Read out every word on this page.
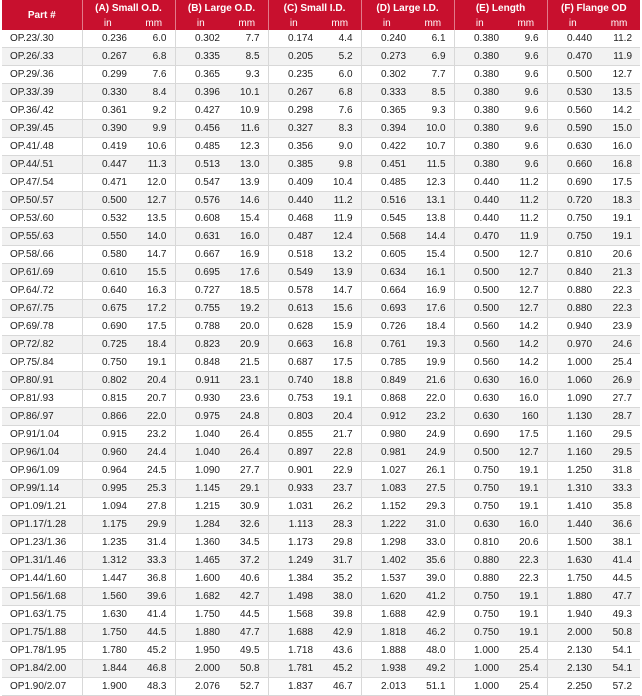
Part #	(A) Small O.D.		(B) Large O.D.		(C) Small I.D.		(D) Large I.D.		(E) Length		(F) Flange OD	
	in	mm	in	mm	in	mm	in	mm	in	mm	in	mm
OP.23/.30	0.236	6.0	0.302	7.7	0.174	4.4	0.240	6.1	0.380	9.6	0.440	11.2
OP.26/.33	0.267	6.8	0.335	8.5	0.205	5.2	0.273	6.9	0.380	9.6	0.470	11.9
OP.29/.36	0.299	7.6	0.365	9.3	0.235	6.0	0.302	7.7	0.380	9.6	0.500	12.7
OP.33/.39	0.330	8.4	0.396	10.1	0.267	6.8	0.333	8.5	0.380	9.6	0.530	13.5
OP.36/.42	0.361	9.2	0.427	10.9	0.298	7.6	0.365	9.3	0.380	9.6	0.560	14.2
OP.39/.45	0.390	9.9	0.456	11.6	0.327	8.3	0.394	10.0	0.380	9.6	0.590	15.0
OP.41/.48	0.419	10.6	0.485	12.3	0.356	9.0	0.422	10.7	0.380	9.6	0.630	16.0
OP.44/.51	0.447	11.3	0.513	13.0	0.385	9.8	0.451	11.5	0.380	9.6	0.660	16.8
OP.47/.54	0.471	12.0	0.547	13.9	0.409	10.4	0.485	12.3	0.440	11.2	0.690	17.5
OP.50/.57	0.500	12.7	0.576	14.6	0.440	11.2	0.516	13.1	0.440	11.2	0.720	18.3
OP.53/.60	0.532	13.5	0.608	15.4	0.468	11.9	0.545	13.8	0.440	11.2	0.750	19.1
OP.55/.63	0.550	14.0	0.631	16.0	0.487	12.4	0.568	14.4	0.470	11.9	0.750	19.1
OP.58/.66	0.580	14.7	0.667	16.9	0.518	13.2	0.605	15.4	0.500	12.7	0.810	20.6
OP.61/.69	0.610	15.5	0.695	17.6	0.549	13.9	0.634	16.1	0.500	12.7	0.840	21.3
OP.64/.72	0.640	16.3	0.727	18.5	0.578	14.7	0.664	16.9	0.500	12.7	0.880	22.3
OP.67/.75	0.675	17.2	0.755	19.2	0.613	15.6	0.693	17.6	0.500	12.7	0.880	22.3
OP.69/.78	0.690	17.5	0.788	20.0	0.628	15.9	0.726	18.4	0.560	14.2	0.940	23.9
OP.72/.82	0.725	18.4	0.823	20.9	0.663	16.8	0.761	19.3	0.560	14.2	0.970	24.6
OP.75/.84	0.750	19.1	0.848	21.5	0.687	17.5	0.785	19.9	0.560	14.2	1.000	25.4
OP.80/.91	0.802	20.4	0.911	23.1	0.740	18.8	0.849	21.6	0.630	16.0	1.060	26.9
OP.81/.93	0.815	20.7	0.930	23.6	0.753	19.1	0.868	22.0	0.630	16.0	1.090	27.7
OP.86/.97	0.866	22.0	0.975	24.8	0.803	20.4	0.912	23.2	0.630	160	1.130	28.7
OP.91/1.04	0.915	23.2	1.040	26.4	0.855	21.7	0.980	24.9	0.690	17.5	1.160	29.5
OP.96/1.04	0.960	24.4	1.040	26.4	0.897	22.8	0.981	24.9	0.500	12.7	1.160	29.5
OP.96/1.09	0.964	24.5	1.090	27.7	0.901	22.9	1.027	26.1	0.750	19.1	1.250	31.8
OP.99/1.14	0.995	25.3	1.145	29.1	0.933	23.7	1.083	27.5	0.750	19.1	1.310	33.3
OP1.09/1.21	1.094	27.8	1.215	30.9	1.031	26.2	1.152	29.3	0.750	19.1	1.410	35.8
OP1.17/1.28	1.175	29.9	1.284	32.6	1.113	28.3	1.222	31.0	0.630	16.0	1.440	36.6
OP1.23/1.36	1.235	31.4	1.360	34.5	1.173	29.8	1.298	33.0	0.810	20.6	1.500	38.1
OP1.31/1.46	1.312	33.3	1.465	37.2	1.249	31.7	1.402	35.6	0.880	22.3	1.630	41.4
OP1.44/1.60	1.447	36.8	1.600	40.6	1.384	35.2	1.537	39.0	0.880	22.3	1.750	44.5
OP1.56/1.68	1.560	39.6	1.682	42.7	1.498	38.0	1.620	41.2	0.750	19.1	1.880	47.7
OP1.63/1.75	1.630	41.4	1.750	44.5	1.568	39.8	1.688	42.9	0.750	19.1	1.940	49.3
OP1.75/1.88	1.750	44.5	1.880	47.7	1.688	42.9	1.818	46.2	0.750	19.1	2.000	50.8
OP1.78/1.95	1.780	45.2	1.950	49.5	1.718	43.6	1.888	48.0	1.000	25.4	2.130	54.1
OP1.84/2.00	1.844	46.8	2.000	50.8	1.781	45.2	1.938	49.2	1.000	25.4	2.130	54.1
OP1.90/2.07	1.900	48.3	2.076	52.7	1.837	46.7	2.013	51.1	1.000	25.4	2.250	57.2
